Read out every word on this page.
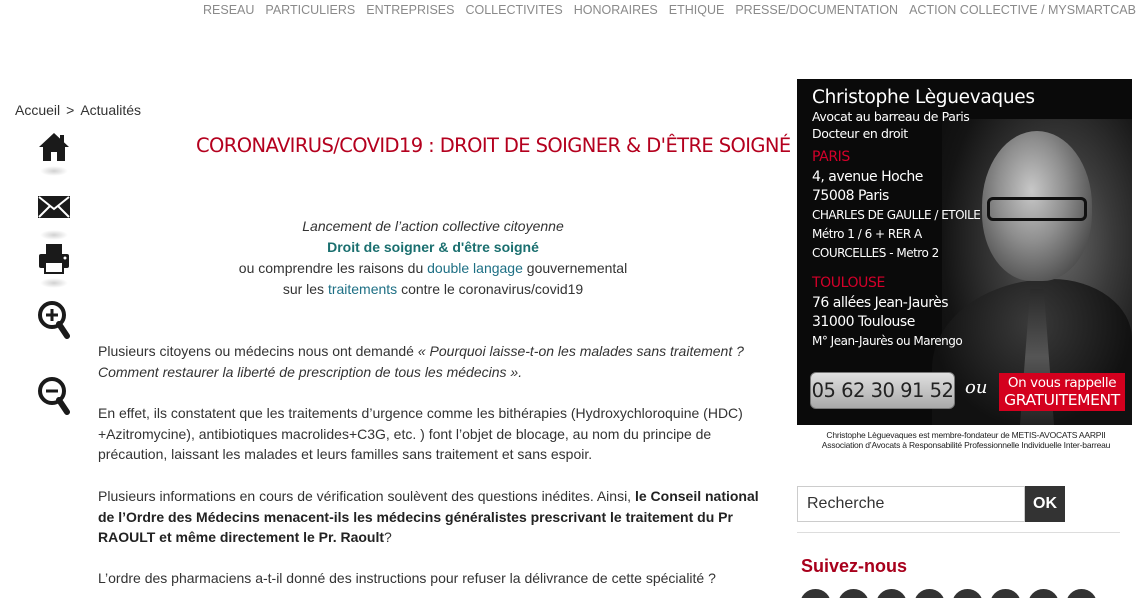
RESEAU PARTICULIERS ENTREPRISES COLLECTIVITES HONORAIRES ETHIQUE PRESSE/DOCUMENTATION ACTION COLLECTIVE / MYSMARTCAB
Accueil > Actualités
CORONAVIRUS/COVID19 : DROIT DE SOIGNER & D'ÊTRE SOIGNÉ
Lancement de l’action collective citoyenne
Droit de soigner & d'être soigné
ou comprendre les raisons du double langage gouvernemental
sur les traitements contre le coronavirus/covid19

Plusieurs citoyens ou médecins nous ont demandé « Pourquoi laisse-t-on les malades sans traitement ? Comment restaurer la liberté de prescription de tous les médecins ».

En effet, ils constatent que les traitements d’urgence comme les bithérapies (Hydroxychloroquine (HDC) +Azitromycine), antibiotiques macrolides+C3G, etc. ) font l’objet de blocage, au nom du principe de précaution, laissant les malades et leurs familles sans traitement et sans espoir.

Plusieurs informations en cours de vérification soulèvent des questions inédites. Ainsi, le Conseil national de l’Ordre des Médecins menacent-ils les médecins généralistes prescrivant le traitement du Pr RAOULT et même directement le Pr. Raoult?

L’ordre des pharmaciens a-t-il donné des instructions pour refuser la délivrance de cette spécialité ?

Christophe Lèguevaques
Avocat au barreau de Paris
Docteur en droit
PARIS
4, avenue Hoche
75008 Paris
CHARLES DE GAULLE / ETOILE
Métro 1 / 6 + RER A
COURCELLES - Metro 2
TOULOUSE
76 allées Jean-Jaurès
31000 Toulouse
M° Jean-Jaurès ou Marengo
05 62 30 91 52 ou	On vous rappelle
GRATUITEMENT
Christophe Lèguevaques est membre-fondateur de METIS-AVOCATS AARPII
Association d’Avocats à Responsabilité Professionnelle Individuelle Inter-barreau
Recherche
OK
Suivez-nous
